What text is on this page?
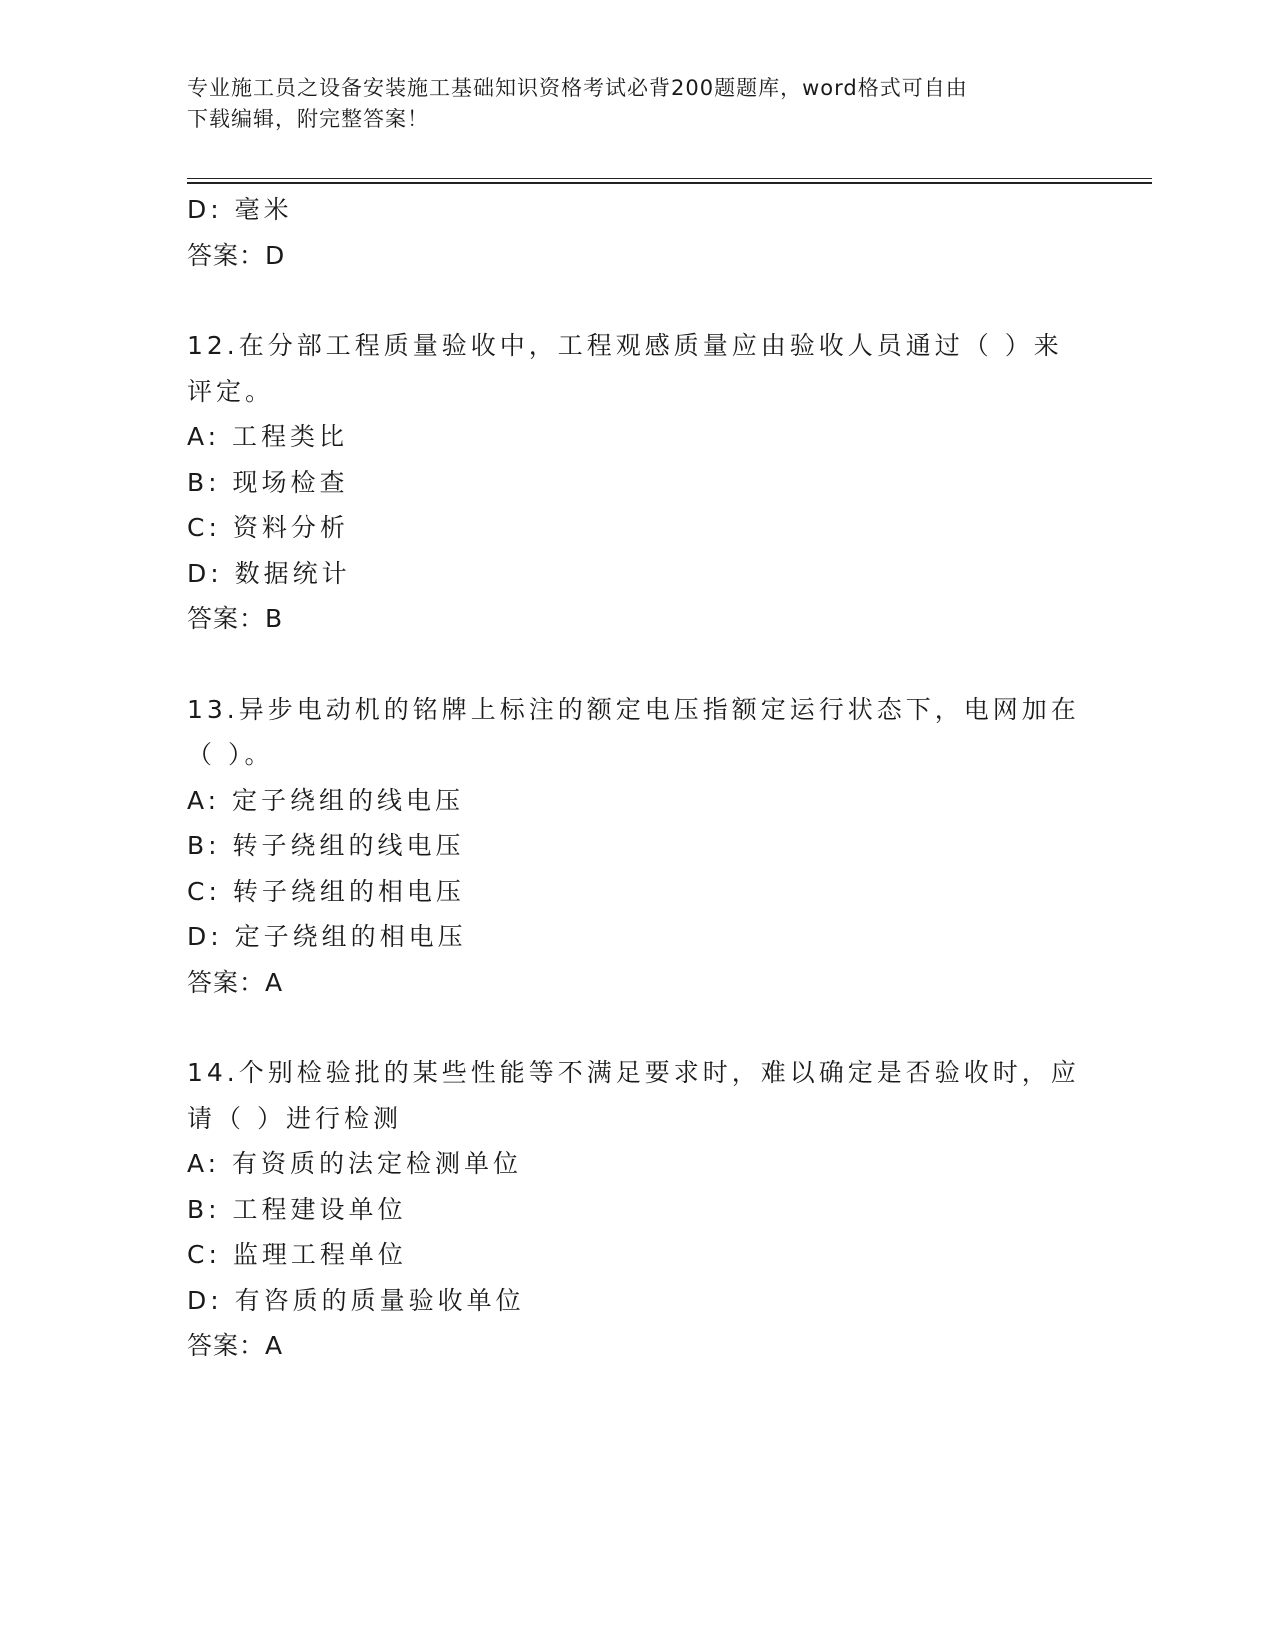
专业施工员之设备安装施工基础知识资格考试必背200题题库，word格式可自由
下载编辑，附完整答案！
D: 毫米
答案：D
12.在分部工程质量验收中，工程观感质量应由验收人员通过（ ）来
评定。
A: 工程类比
B: 现场检查
C: 资料分析
D: 数据统计
答案：B
13.异步电动机的铭牌上标注的额定电压指额定运行状态下，电网加在
（ ）。
A: 定子绕组的线电压
B: 转子绕组的线电压
C: 转子绕组的相电压
D: 定子绕组的相电压
答案：A
14.个别检验批的某些性能等不满足要求时，难以确定是否验收时，应
请（ ）进行检测
A: 有资质的法定检测单位
B: 工程建设单位
C: 监理工程单位
D: 有咨质的质量验收单位
答案：A
